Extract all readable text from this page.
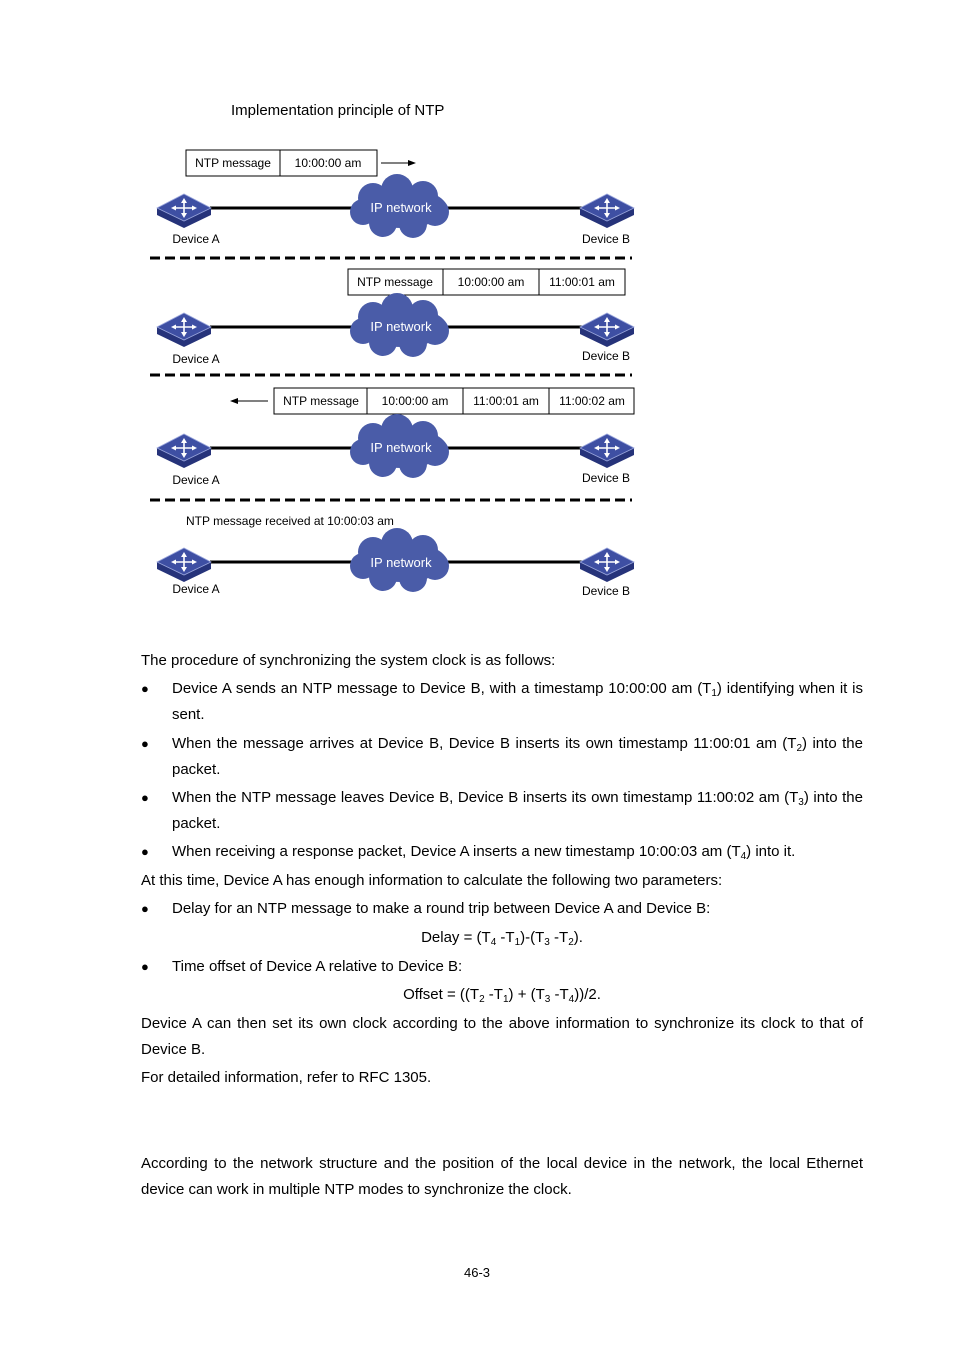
Implementation principle of NTP
NTP message 10:00:00 am
IP network
Device A	Device B
NTP message 10:00:00 am 11:00:01 am
IP network
Device A	Device B
NTP message 10:00:00 am 11:00:01 am 11:00:02 am
IP network
Device A	Device B
NTP message received at 10:00:03 am
IP network
Device A	Device B
The procedure of synchronizing the system clock is as follows:
● Device A sends an NTP message to Device B, with a timestamp 10:00:00 am $(T_1)$ identifying when it is sent.
● When the message arrives at Device B, Device B inserts its own timestamp 11:00:01 am $(T_2)$ into the packet.
● When the NTP message leaves Device B, Device B inserts its own timestamp 11:00:02 am $(T_3)$ into the packet.
● When receiving a response packet, Device A inserts a new timestamp 10:00:03 am $(T_4)$ into it.
At this time, Device A has enough information to calculate the following two parameters:
● Delay for an NTP message to make a round trip between Device A and Device B:
Delay = ($T_4$ $-T_1)-(T_3$ $-T_2$).
● Time offset of Device A relative to Device B:
Offset = (($T_2$ $-T_1) + (T_3$ $-T_4))/2$.
Device A can then set its own clock according to the above information to synchronize its clock to that of Device B.
For detailed information, refer to RFC 1305.
According to the network structure and the position of the local device in the network, the local Ethernet device can work in multiple NTP modes to synchronize the clock.
46-3
